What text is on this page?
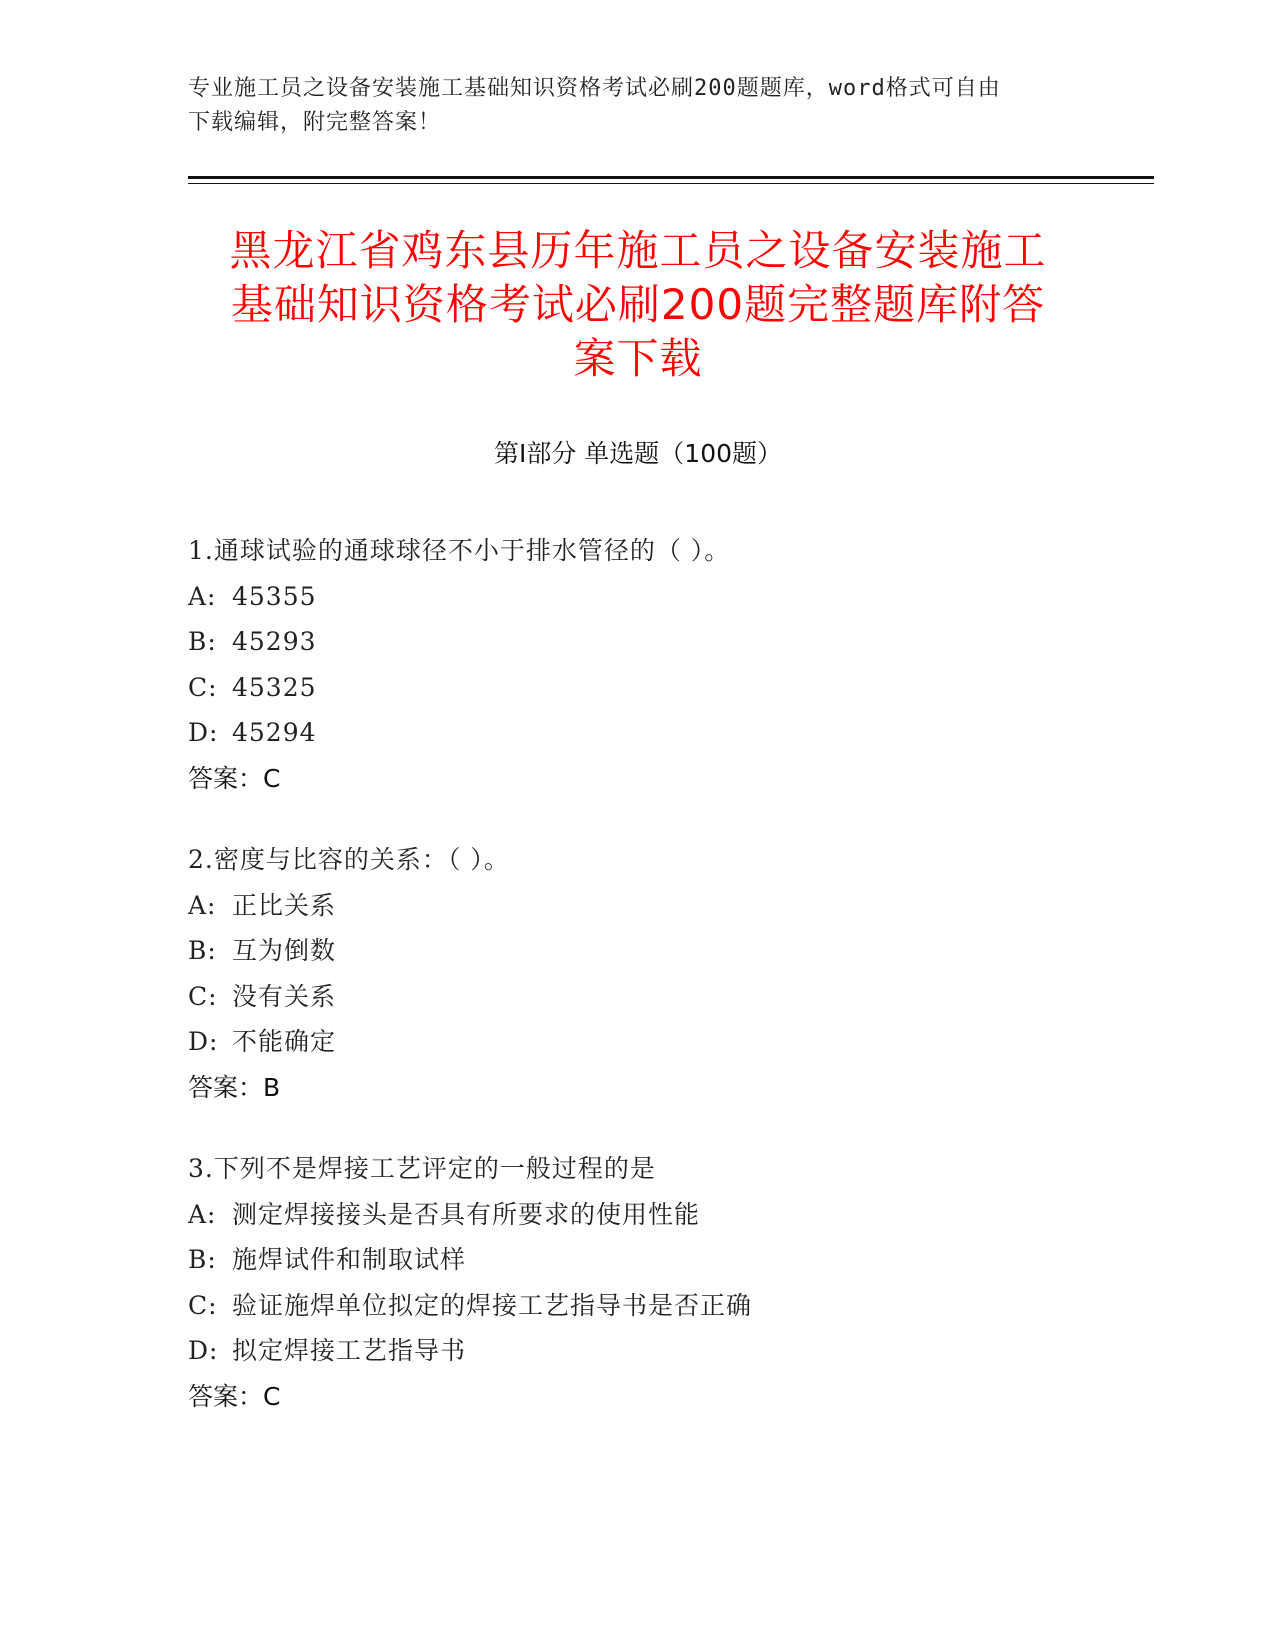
专业施工员之设备安装施工基础知识资格考试必刷200题题库，word格式可自由
下载编辑，附完整答案！
黑龙江省鸡东县历年施工员之设备安装施工
基础知识资格考试必刷200题完整题库附答
案下载
第Ⅰ部分 单选题（100题）
1.通球试验的通球球径不小于排水管径的（ ）。
A: 45355
B: 45293
C: 45325
D: 45294
答案：C
2.密度与比容的关系：（ ）。
A: 正比关系
B: 互为倒数
C: 没有关系
D: 不能确定
答案：B
3.下列不是焊接工艺评定的一般过程的是
A: 测定焊接接头是否具有所要求的使用性能
B: 施焊试件和制取试样
C: 验证施焊单位拟定的焊接工艺指导书是否正确
D: 拟定焊接工艺指导书
答案：C
